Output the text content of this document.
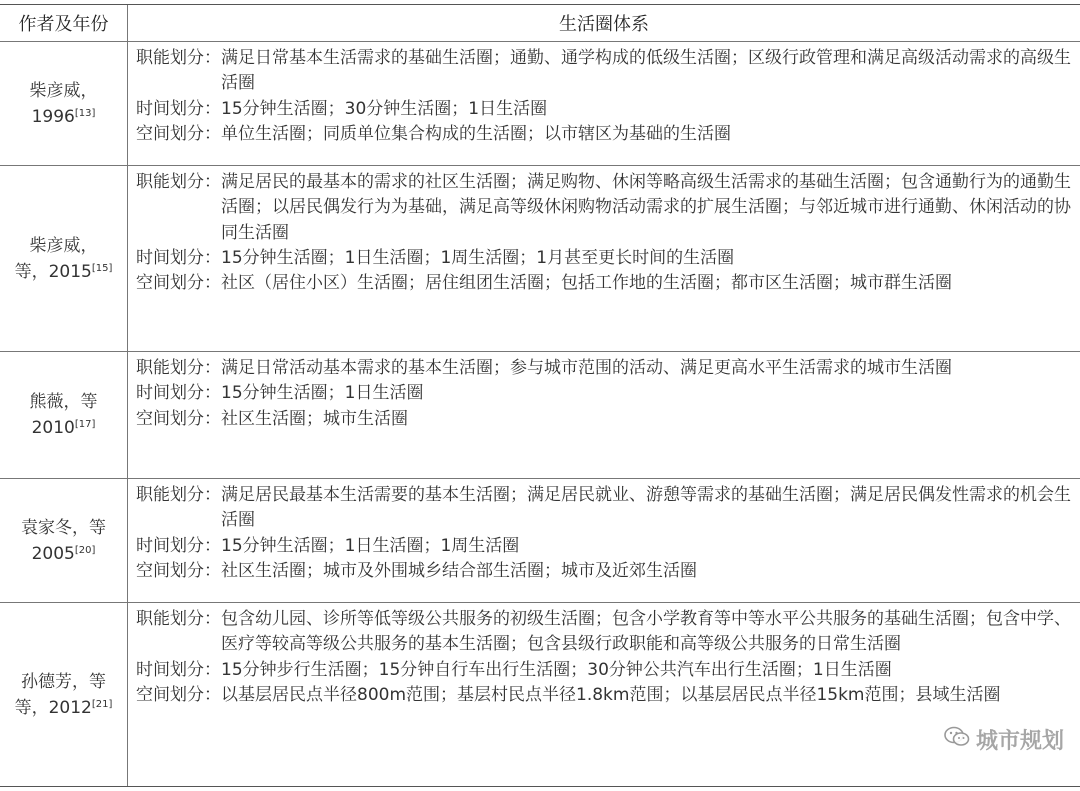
作者及年份	生活圈体系
柴彦威，
1996[13]
职能划分： 满足日常基本生活需求的基础生活圈；通勤、通学构成的低级生活圈；区级行政管理和满足高级活动需求的高级生活圈
时间划分： 15分钟生活圈；30分钟生活圈；1日生活圈
空间划分： 单位生活圈；同质单位集合构成的生活圈；以市辖区为基础的生活圈
柴彦威，
等，2015[15]
职能划分： 满足居民的最基本的需求的社区生活圈；满足购物、休闲等略高级生活需求的基础生活圈；包含通勤行为的通勤生活圈；以居民偶发行为为基础，满足高等级休闲购物活动需求的扩展生活圈；与邻近城市进行通勤、休闲活动的协同生活圈
时间划分： 15分钟生活圈；1日生活圈；1周生活圈；1月甚至更长时间的生活圈
空间划分： 社区（居住小区）生活圈；居住组团生活圈；包括工作地的生活圈；都市区生活圈；城市群生活圈
熊薇，等
2010[17]
职能划分： 满足日常活动基本需求的基本生活圈；参与城市范围的活动、满足更高水平生活需求的城市生活圈
时间划分： 15分钟生活圈；1日生活圈
空间划分： 社区生活圈；城市生活圈
袁家冬，等
2005[20]
职能划分： 满足居民最基本生活需要的基本生活圈；满足居民就业、游憩等需求的基础生活圈；满足居民偶发性需求的机会生活圈
时间划分： 15分钟生活圈；1日生活圈；1周生活圈
空间划分： 社区生活圈；城市及外围城乡结合部生活圈；城市及近郊生活圈
孙德芳，等
等，2012[21]
职能划分： 包含幼儿园、诊所等低等级公共服务的初级生活圈；包含小学教育等中等水平公共服务的基础生活圈；包含中学、医疗等较高等级公共服务的基本生活圈；包含县级行政职能和高等级公共服务的日常生活圈
时间划分： 15分钟步行生活圈；15分钟自行车出行生活圈；30分钟公共汽车出行生活圈；1日生活圈
空间划分： 以基层居民点半径800m范围；基层村民点半径1.8km范围；以基层居民点半径15km范围；县域生活圈
城市规划
